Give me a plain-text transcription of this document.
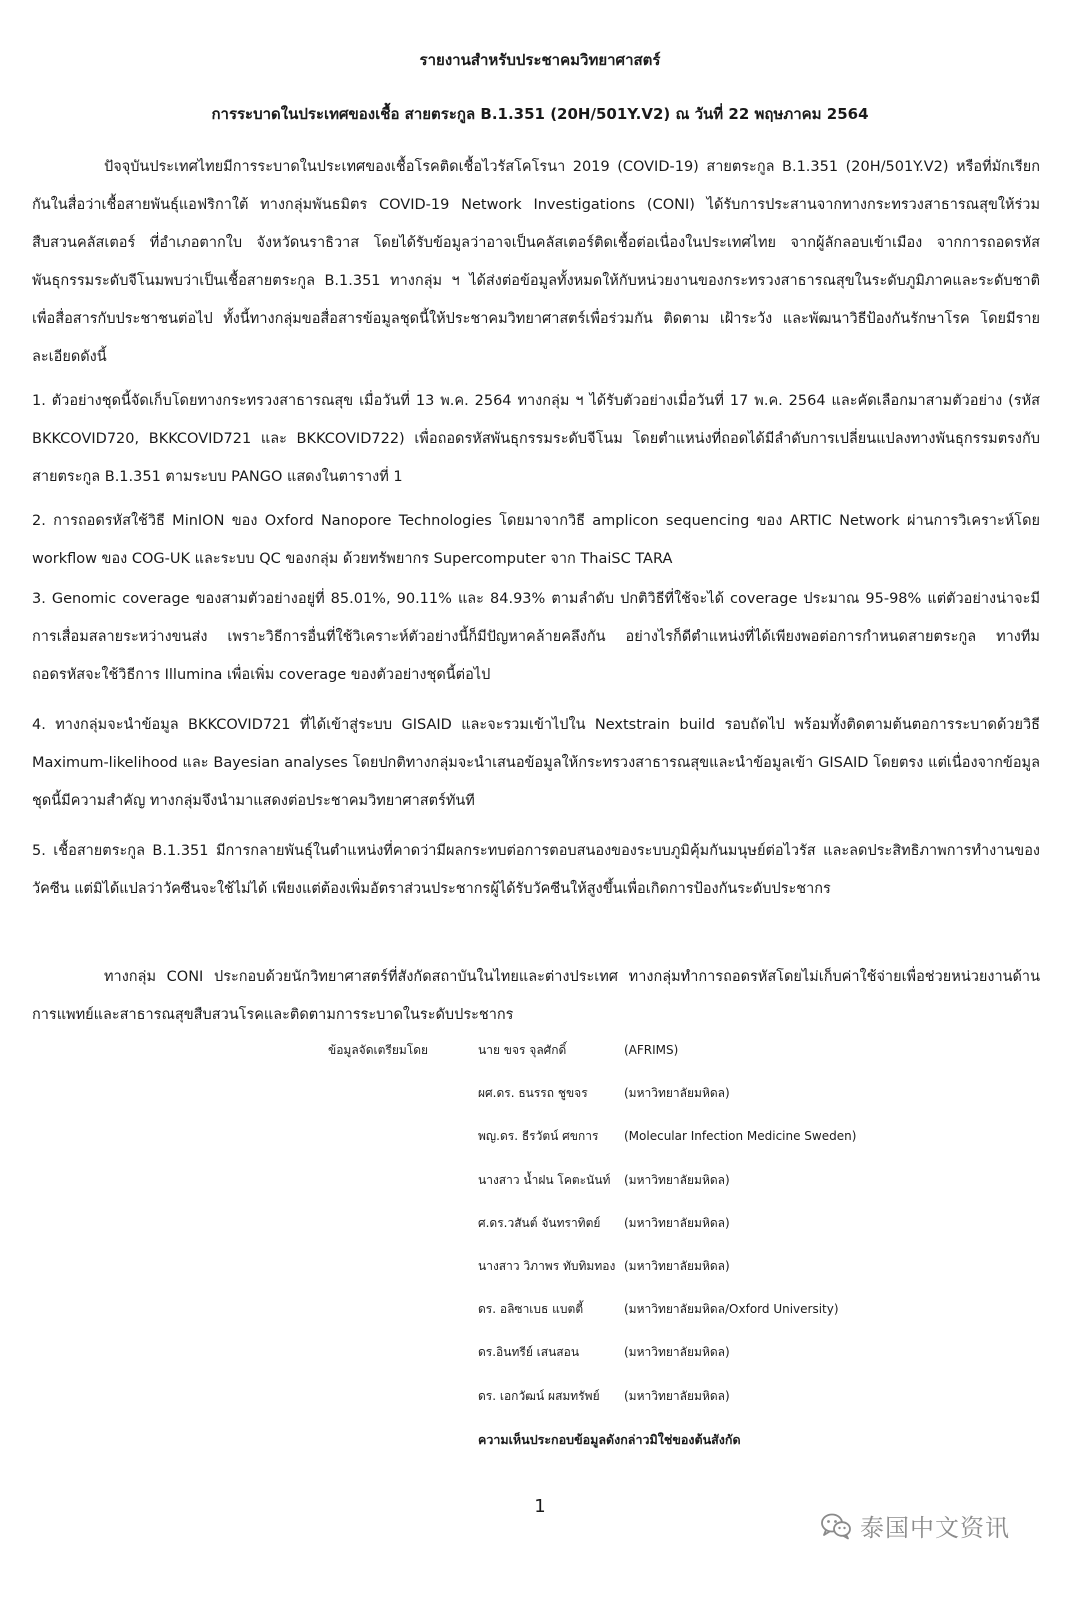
รายงานสำหรับประชาคมวิทยาศาสตร์
การระบาดในประเทศของเชื้อ สายตระกูล B.1.351 (20H/501Y.V2) ณ วันที่ 22 พฤษภาคม 2564
ปัจจุบันประเทศไทยมีการระบาดในประเทศของเชื้อโรคติดเชื้อไวรัสโคโรนา 2019 (COVID-19) สายตระกูล B.1.351 (20H/501Y.V2) หรือที่มักเรียกกันในสื่อว่าเชื้อสายพันธุ์แอฟริกาใต้ ทางกลุ่มพันธมิตร COVID-19 Network Investigations (CONI) ได้รับการประสานจากทางกระทรวงสาธารณสุขให้ร่วมสืบสวนคลัสเตอร์ ที่อำเภอตากใบ จังหวัดนราธิวาส โดยได้รับข้อมูลว่าอาจเป็นคลัสเตอร์ติดเชื้อต่อเนื่องในประเทศไทย จากผู้ลักลอบเข้าเมือง จากการถอดรหัสพันธุกรรมระดับจีโนมพบว่าเป็นเชื้อสายตระกูล B.1.351 ทางกลุ่ม ฯ ได้ส่งต่อข้อมูลทั้งหมดให้กับหน่วยงานของกระทรวงสาธารณสุขในระดับภูมิภาคและระดับชาติเพื่อสื่อสารกับประชาชนต่อไป ทั้งนี้ทางกลุ่มขอสื่อสารข้อมูลชุดนี้ให้ประชาคมวิทยาศาสตร์เพื่อร่วมกัน ติดตาม เฝ้าระวัง และพัฒนาวิธีป้องกันรักษาโรค โดยมีรายละเอียดดังนี้
1. ตัวอย่างชุดนี้จัดเก็บโดยทางกระทรวงสาธารณสุข เมื่อวันที่ 13 พ.ค. 2564 ทางกลุ่ม ฯ ได้รับตัวอย่างเมื่อวันที่ 17 พ.ค. 2564 และคัดเลือกมาสามตัวอย่าง (รหัส BKKCOVID720, BKKCOVID721 และ BKKCOVID722) เพื่อถอดรหัสพันธุกรรมระดับจีโนม โดยตำแหน่งที่ถอดได้มีลำดับการเปลี่ยนแปลงทางพันธุกรรมตรงกับสายตระกูล B.1.351 ตามระบบ PANGO แสดงในตารางที่ 1
2. การถอดรหัสใช้วิธี MinION ของ Oxford Nanopore Technologies โดยมาจากวิธี amplicon sequencing ของ ARTIC Network ผ่านการวิเคราะห์โดย workflow ของ COG-UK และระบบ QC ของกลุ่ม ด้วยทรัพยากร Supercomputer จาก ThaiSC TARA
3. Genomic coverage ของสามตัวอย่างอยู่ที่ 85.01%, 90.11% และ 84.93% ตามลำดับ ปกติวิธีที่ใช้จะได้ coverage ประมาณ 95-98% แต่ตัวอย่างน่าจะมีการเสื่อมสลายระหว่างขนส่ง เพราะวิธีการอื่นที่ใช้วิเคราะห์ตัวอย่างนี้ก็มีปัญหาคล้ายคลึงกัน อย่างไรก็ดีตำแหน่งที่ได้เพียงพอต่อการกำหนดสายตระกูล ทางทีมถอดรหัสจะใช้วิธีการ Illumina เพื่อเพิ่ม coverage ของตัวอย่างชุดนี้ต่อไป
4. ทางกลุ่มจะนำข้อมูล BKKCOVID721 ที่ได้เข้าสู่ระบบ GISAID และจะรวมเข้าไปใน Nextstrain build รอบถัดไป พร้อมทั้งติดตามต้นตอการระบาดด้วยวิธี Maximum-likelihood และ Bayesian analyses โดยปกติทางกลุ่มจะนำเสนอข้อมูลให้กระทรวงสาธารณสุขและนำข้อมูลเข้า GISAID โดยตรง แต่เนื่องจากข้อมูลชุดนี้มีความสำคัญ ทางกลุ่มจึงนำมาแสดงต่อประชาคมวิทยาศาสตร์ทันที
5. เชื้อสายตระกูล B.1.351 มีการกลายพันธุ์ในตำแหน่งที่คาดว่ามีผลกระทบต่อการตอบสนองของระบบภูมิคุ้มกันมนุษย์ต่อไวรัส และลดประสิทธิภาพการทำงานของวัคซีน แต่มิได้แปลว่าวัคซีนจะใช้ไม่ได้ เพียงแต่ต้องเพิ่มอัตราส่วนประชากรผู้ได้รับวัคซีนให้สูงขึ้นเพื่อเกิดการป้องกันระดับประชากร
ทางกลุ่ม CONI ประกอบด้วยนักวิทยาศาสตร์ที่สังกัดสถาบันในไทยและต่างประเทศ ทางกลุ่มทำการถอดรหัสโดยไม่เก็บค่าใช้จ่ายเพื่อช่วยหน่วยงานด้านการแพทย์และสาธารณสุขสืบสวนโรคและติดตามการระบาดในระดับประชากร
ข้อมูลจัดเตรียมโดย	นาย ขจร จุลศักดิ์	(AFRIMS)
ผศ.ดร. ธนรรถ ชูขจร	(มหาวิทยาลัยมหิดล)
พญ.ดร. ธีรวัตน์ ศขการ	(Molecular Infection Medicine Sweden)
นางสาว น้ำฝน โคตะนันท์	(มหาวิทยาลัยมหิดล)
ศ.ดร.วสันต์ จันทราทิตย์	(มหาวิทยาลัยมหิดล)
นางสาว วิภาพร ทับทิมทอง (มหาวิทยาลัยมหิดล)
ดร. อลิซาเบธ แบตตี้	(มหาวิทยาลัยมหิดล/Oxford University)
ดร.อินทรีย์ เสนสอน	(มหาวิทยาลัยมหิดล)
ดร. เอกวัฒน์ ผสมทรัพย์	(มหาวิทยาลัยมหิดล)
ความเห็นประกอบข้อมูลดังกล่าวมิใช่ของต้นสังกัด
1
泰国中文资讯
